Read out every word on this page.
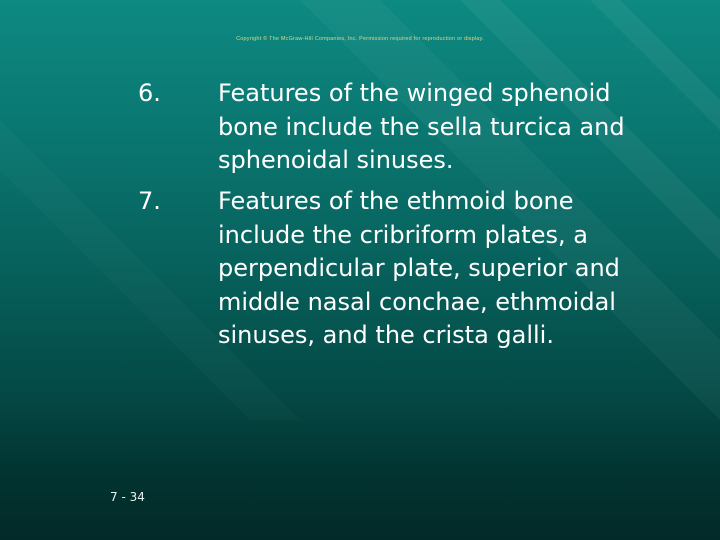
Copyright © The McGraw-Hill Companies, Inc. Permission required for reproduction or display.
6.	Features of the winged sphenoid bone include the sella turcica and sphenoidal sinuses.
7.	Features of the ethmoid bone include the cribriform plates, a perpendicular plate, superior and middle nasal conchae, ethmoidal sinuses, and the crista galli.
7 - 34
